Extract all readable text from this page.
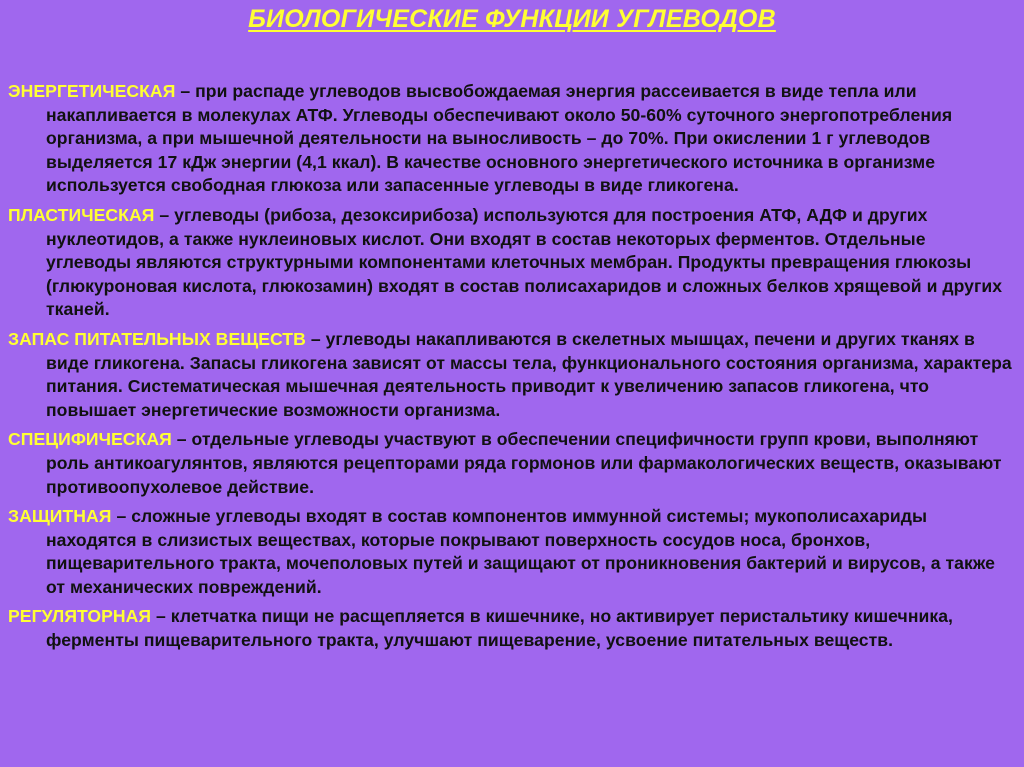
БИОЛОГИЧЕСКИЕ ФУНКЦИИ УГЛЕВОДОВ

ЭНЕРГЕТИЧЕСКАЯ – при распаде углеводов высвобождаемая энергия рассеивается в виде тепла или накапливается в молекулах АТФ. Углеводы обеспечивают около 50-60% суточного энергопотребления организма, а при мышечной деятельности на выносливость – до 70%. При окислении 1 г углеводов выделяется 17 кДж энергии (4,1 ккал). В качестве основного энергетического источника в организме используется свободная глюкоза или запасенные углеводы в виде гликогена.

ПЛАСТИЧЕСКАЯ – углеводы (рибоза, дезоксирибоза) используются для построения АТФ, АДФ и других нуклеотидов, а также нуклеиновых кислот. Они входят в состав некоторых ферментов. Отдельные углеводы являются структурными компонентами клеточных мембран. Продукты превращения глюкозы (глюкуроновая кислота, глюкозамин) входят в состав полисахаридов и сложных белков хрящевой и других тканей.

ЗАПАС ПИТАТЕЛЬНЫХ ВЕЩЕСТВ – углеводы накапливаются в скелетных мышцах, печени и других тканях в виде гликогена. Запасы гликогена зависят от массы тела, функционального состояния организма, характера питания. Систематическая мышечная деятельность приводит к увеличению запасов гликогена, что повышает энергетические возможности организма.

СПЕЦИФИЧЕСКАЯ – отдельные углеводы участвуют в обеспечении специфичности групп крови, выполняют роль антикоагулянтов, являются рецепторами ряда гормонов или фармакологических веществ, оказывают противоопухолевое действие.

ЗАЩИТНАЯ – сложные углеводы входят в состав компонентов иммунной системы; мукополисахариды находятся в слизистых веществах, которые покрывают поверхность сосудов носа, бронхов, пищеварительного тракта, мочеполовых путей и защищают от проникновения бактерий и вирусов, а также от механических повреждений.

РЕГУЛЯТОРНАЯ – клетчатка пищи не расщепляется в кишечнике, но активирует перистальтику кишечника, ферменты пищеварительного тракта, улучшают пищеварение, усвоение питательных веществ.
